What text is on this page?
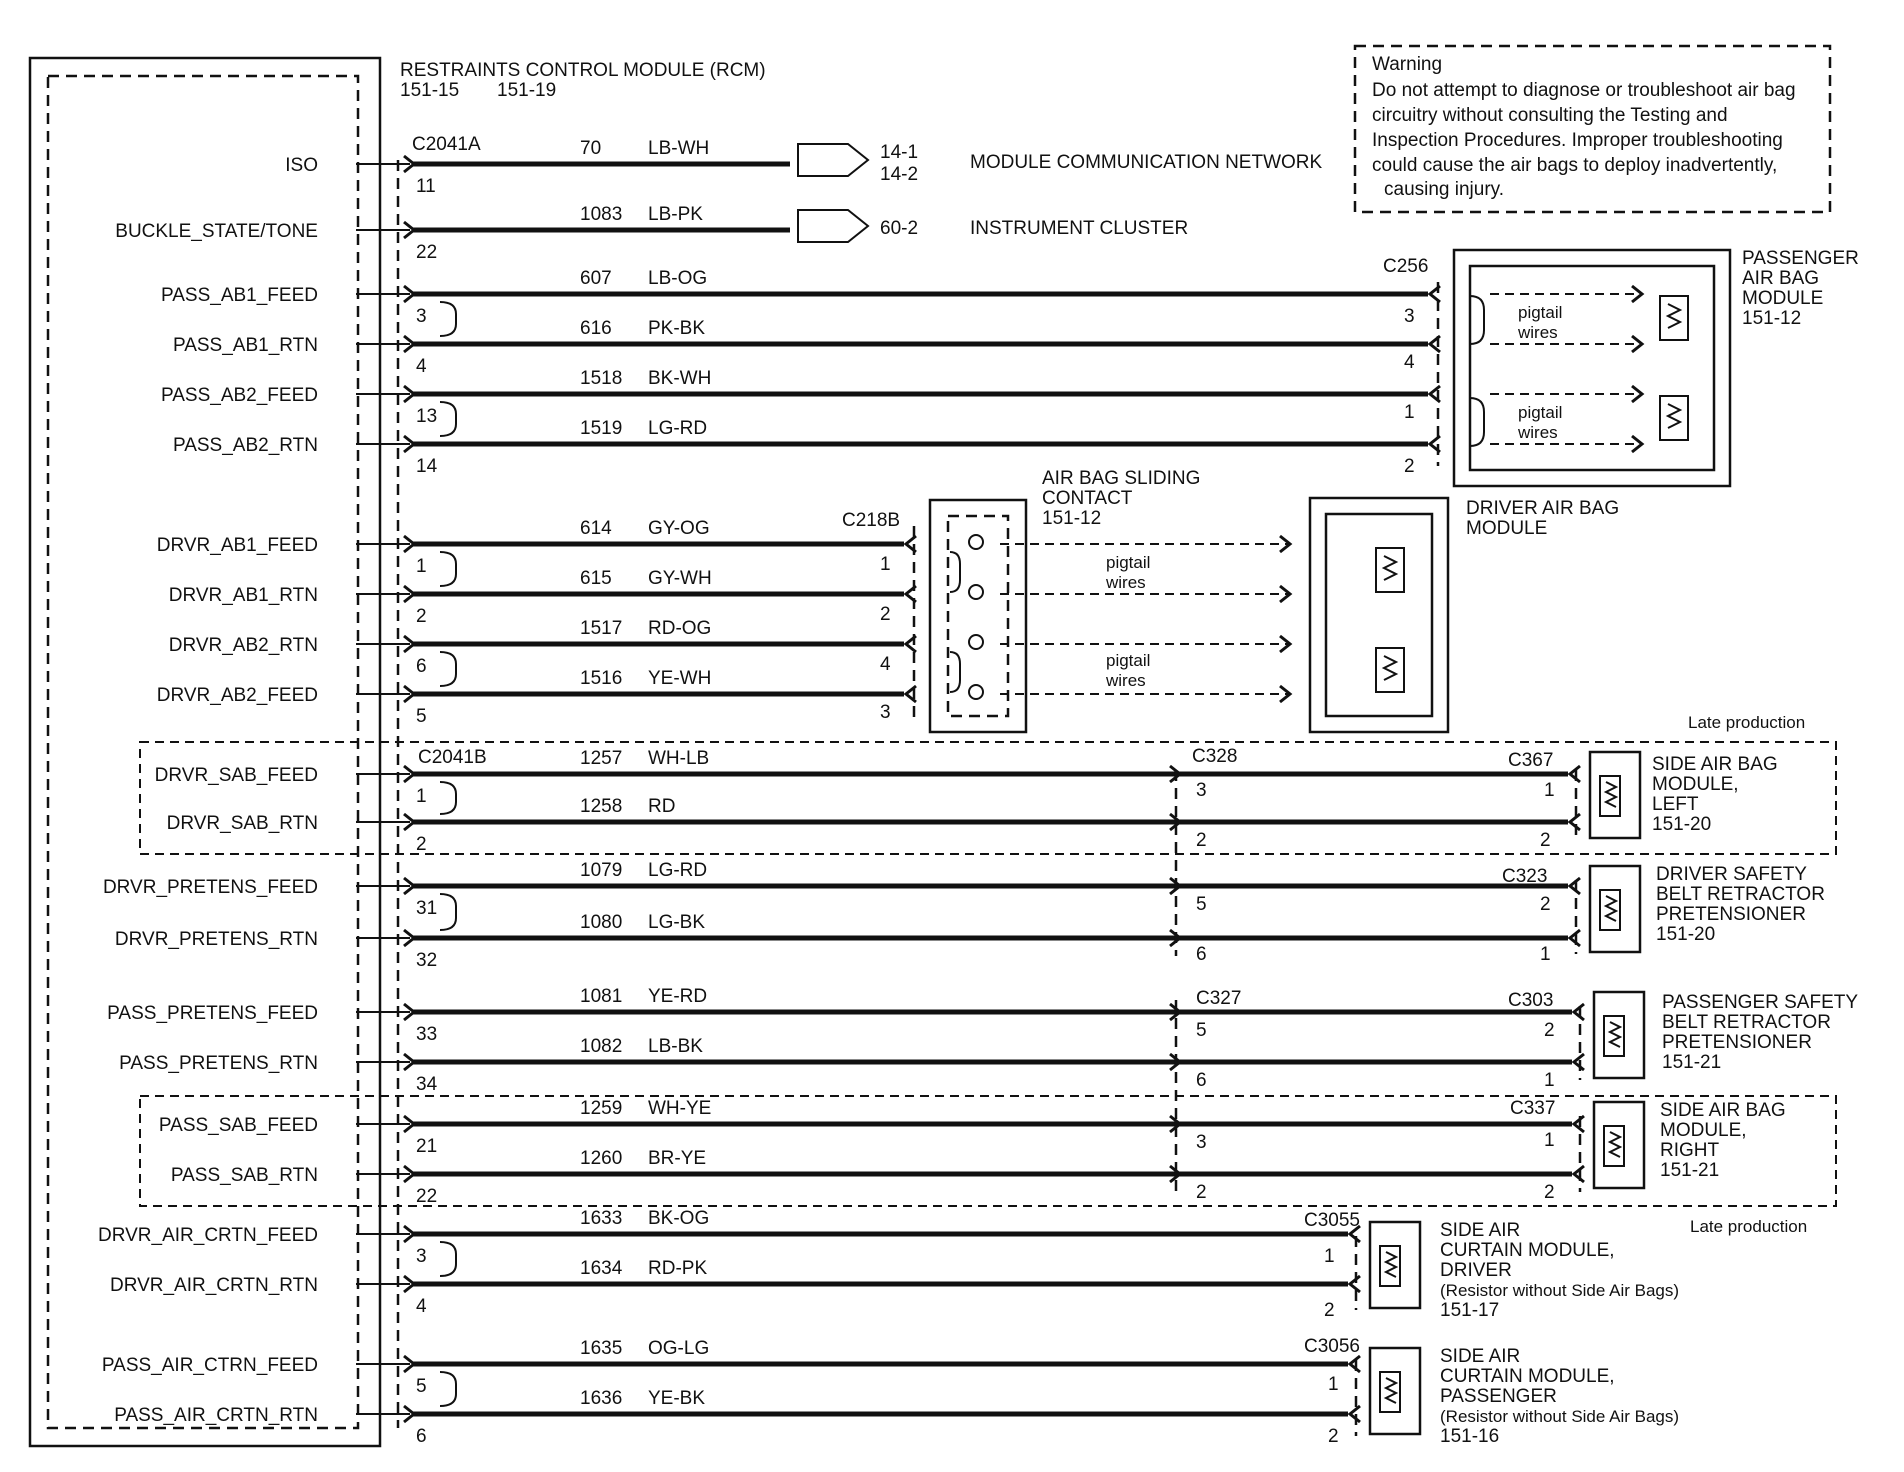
RESTRAINTS CONTROL MODULE (RCM)
151-15 151-19
Warning
Do not attempt to diagnose or troubleshoot air bag
circuitry without consulting the Testing and
Inspection Procedures. Improper troubleshooting
could cause the air bags to deploy inadvertently,
causing injury.
C2041A
C2041B
ISO
11
70 LB-WH
BUCKLE_STATE/TONE
22
1083 LB-PK
PASS_AB1_FEED
3
607 LB-OG
PASS_AB1_RTN
4
616 PK-BK
PASS_AB2_FEED
13
1518 BK-WH
PASS_AB2_RTN
14
1519 LG-RD
DRVR_AB1_FEED
1
614 GY-OG
DRVR_AB1_RTN
2
615 GY-WH
DRVR_AB2_RTN
6
1517 RD-OG
DRVR_AB2_FEED
5
1516 YE-WH
DRVR_SAB_FEED
1
1257 WH-LB
DRVR_SAB_RTN
2
1258 RD
DRVR_PRETENS_FEED
31
1079 LG-RD
DRVR_PRETENS_RTN
32
1080 LG-BK
PASS_PRETENS_FEED
33
1081 YE-RD
PASS_PRETENS_RTN
34
1082 LB-BK
PASS_SAB_FEED
21
1259 WH-YE
PASS_SAB_RTN
22
1260 BR-YE
DRVR_AIR_CRTN_FEED
3
1633 BK-OG
DRVR_AIR_CRTN_RTN
4
1634 RD-PK
PASS_AIR_CTRN_FEED
5
1635 OG-LG
PASS_AIR_CRTN_RTN
6
1636 YE-BK
14-1
14-2
MODULE COMMUNICATION NETWORK
60-2	INSTRUMENT CLUSTER
C256
3
4
1
2
pigtail
wires
pigtail
wires
PASSENGER
AIR BAG
MODULE
151-12
C218B
1
2
4
3
AIR BAG SLIDING
CONTACT
151-12
pigtail
wires
pigtail
wires
DRIVER AIR BAG
MODULE
Late production
Late production
C328
3
2
5
6
C327
5
6
3
2
C367
1
2
SIDE AIR BAG
MODULE,
LEFT
151-20
C323
2
1
DRIVER SAFETY
BELT RETRACTOR
PRETENSIONER
151-20
C303
2
1
PASSENGER SAFETY
BELT RETRACTOR
PRETENSIONER
151-21
C337
1
2
SIDE AIR BAG
MODULE,
RIGHT
151-21
C3055
1
2
SIDE AIR
CURTAIN MODULE,
DRIVER
(Resistor without Side Air Bags)
151-17
C3056
1
2
SIDE AIR
CURTAIN MODULE,
PASSENGER
(Resistor without Side Air Bags)
151-16
